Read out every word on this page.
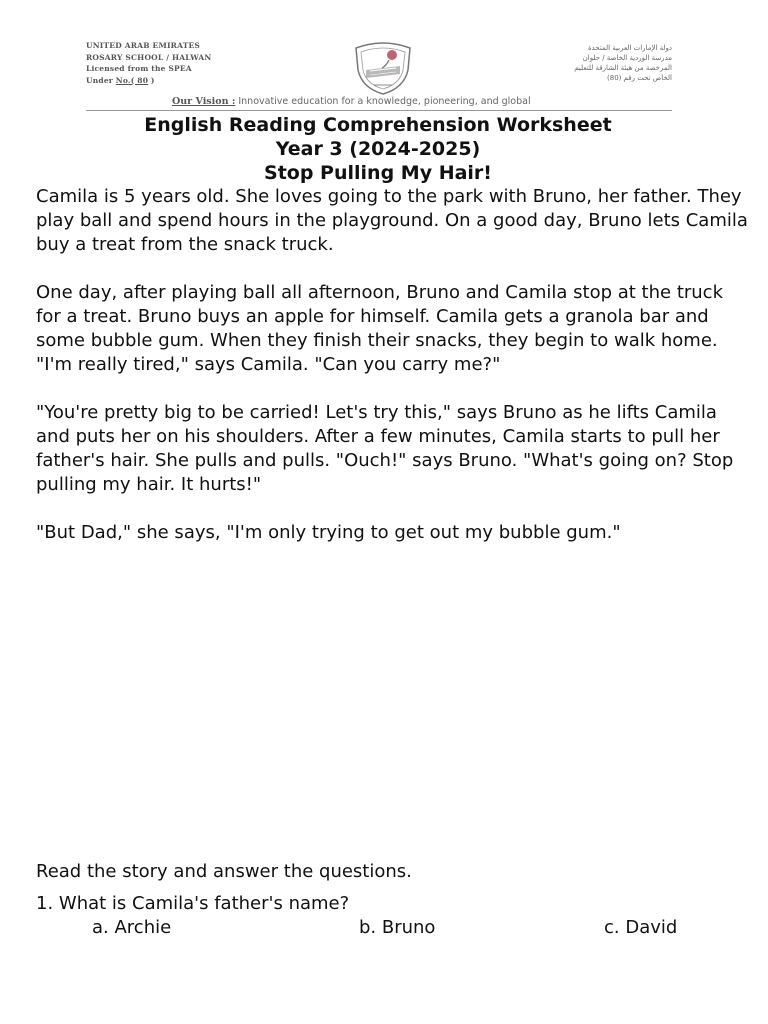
UNITED ARAB EMIRATES
ROSARY SCHOOL / HALWAN
Licensed from the SPEA
Under No.( 80 )
دولة الإمارات العربية المتحدة
مدرسة الوردية الخاصة / حلوان
المرخصة من هيئة الشارقة للتعليم
الخاص تحت رقم (80)
Our Vision : Innovative education for a knowledge, pioneering, and global
English Reading Comprehension Worksheet
Year 3 (2024-2025)
Stop Pulling My Hair!

Camila is 5 years old. She loves going to the park with Bruno, her father. They play ball and spend hours in the playground. On a good day, Bruno lets Camila buy a treat from the snack truck.

One day, after playing ball all afternoon, Bruno and Camila stop at the truck for a treat. Bruno buys an apple for himself. Camila gets a granola bar and some bubble gum. When they finish their snacks, they begin to walk home.

"I'm really tired," says Camila. "Can you carry me?"

"You're pretty big to be carried! Let's try this," says Bruno as he lifts Camila and puts her on his shoulders. After a few minutes, Camila starts to pull her father's hair. She pulls and pulls. "Ouch!" says Bruno. "What's going on? Stop pulling my hair. It hurts!"

"But Dad," she says, "I'm only trying to get out my bubble gum."

Read the story and answer the questions.

1. What is Camila's father's name?

a. Archie	b. Bruno	c. David
